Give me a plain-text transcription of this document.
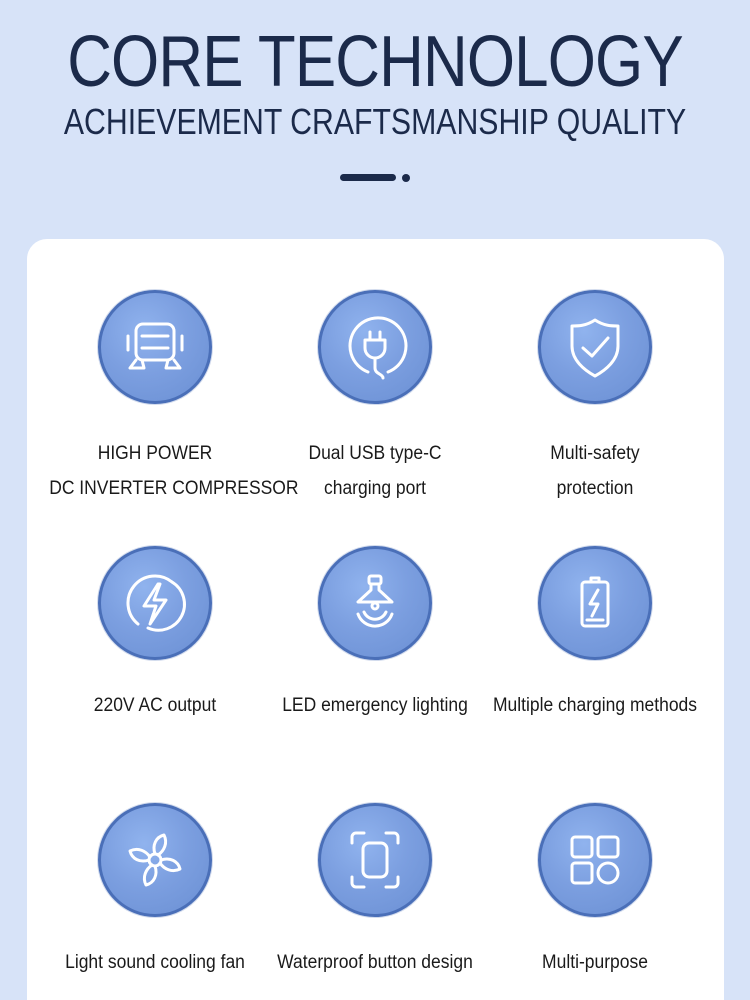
CORE TECHNOLOGY
ACHIEVEMENT CRAFTSMANSHIP QUALITY
HIGH POWER
DC INVERTER COMPRESSOR
Dual USB type-C
charging port
Multi-safety
protection
220V AC output	LED emergency lighting	Multiple charging methods
Light sound cooling fan	Waterproof button design	Multi-purpose
